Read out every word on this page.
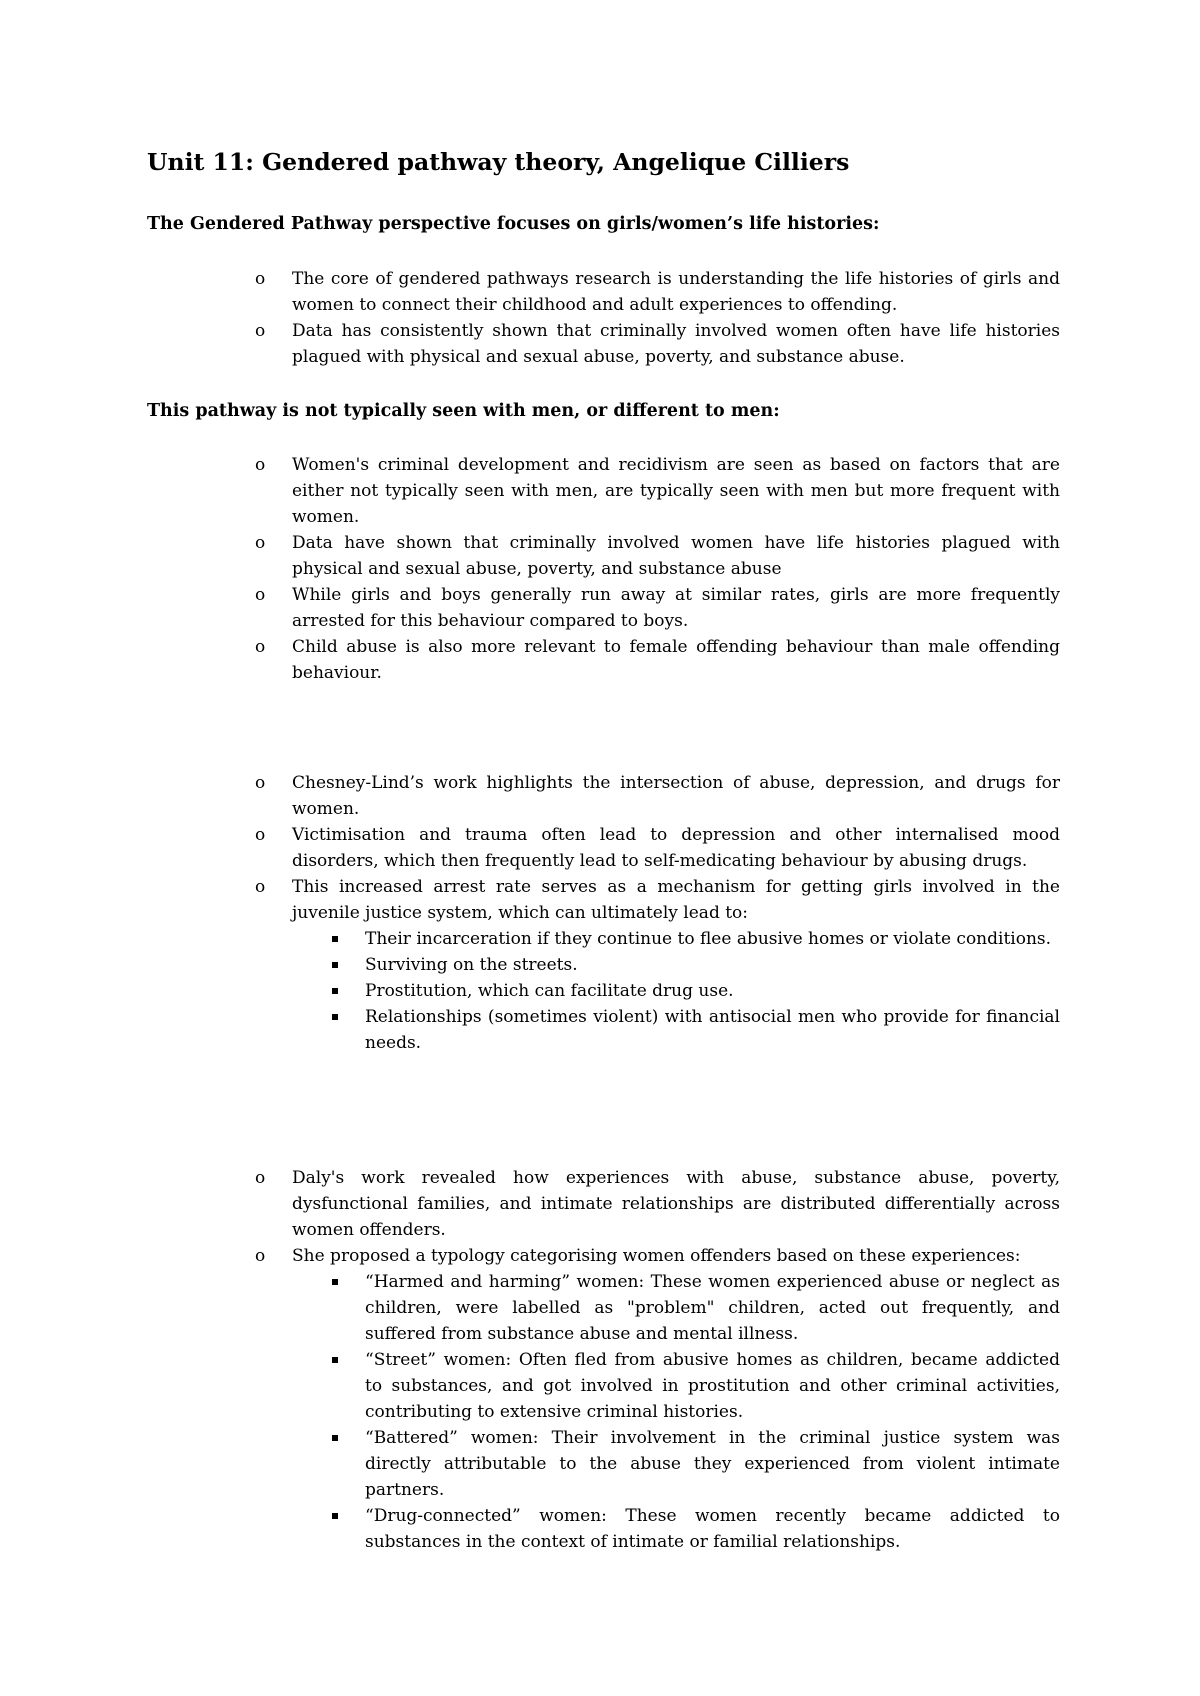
Unit 11: Gendered pathway theory, Angelique Cilliers

The Gendered Pathway perspective focuses on girls/women’s life histories:

o The core of gendered pathways research is understanding the life histories of girls and women to connect their childhood and adult experiences to offending.
o Data has consistently shown that criminally involved women often have life histories plagued with physical and sexual abuse, poverty, and substance abuse.

This pathway is not typically seen with men, or different to men:

o Women's criminal development and recidivism are seen as based on factors that are either not typically seen with men, are typically seen with men but more frequent with women.
o Data have shown that criminally involved women have life histories plagued with physical and sexual abuse, poverty, and substance abuse
o While girls and boys generally run away at similar rates, girls are more frequently arrested for this behaviour compared to boys.
o Child abuse is also more relevant to female offending behaviour than male offending behaviour.
o Chesney-Lind’s work highlights the intersection of abuse, depression, and drugs for women.
o Victimisation and trauma often lead to depression and other internalised mood disorders, which then frequently lead to self-medicating behaviour by abusing drugs.
o This increased arrest rate serves as a mechanism for getting girls involved in the juvenile justice system, which can ultimately lead to:
Their incarceration if they continue to flee abusive homes or violate conditions.
Surviving on the streets.
Prostitution, which can facilitate drug use.
Relationships (sometimes violent) with antisocial men who provide for financial needs.
o Daly's work revealed how experiences with abuse, substance abuse, poverty, dysfunctional families, and intimate relationships are distributed differentially across women offenders.
o She proposed a typology categorising women offenders based on these experiences:
“Harmed and harming” women: These women experienced abuse or neglect as children, were labelled as "problem" children, acted out frequently, and suffered from substance abuse and mental illness.
“Street” women: Often fled from abusive homes as children, became addicted to substances, and got involved in prostitution and other criminal activities, contributing to extensive criminal histories.
“Battered” women: Their involvement in the criminal justice system was directly attributable to the abuse they experienced from violent intimate partners.
“Drug-connected” women: These women recently became addicted to substances in the context of intimate or familial relationships.
